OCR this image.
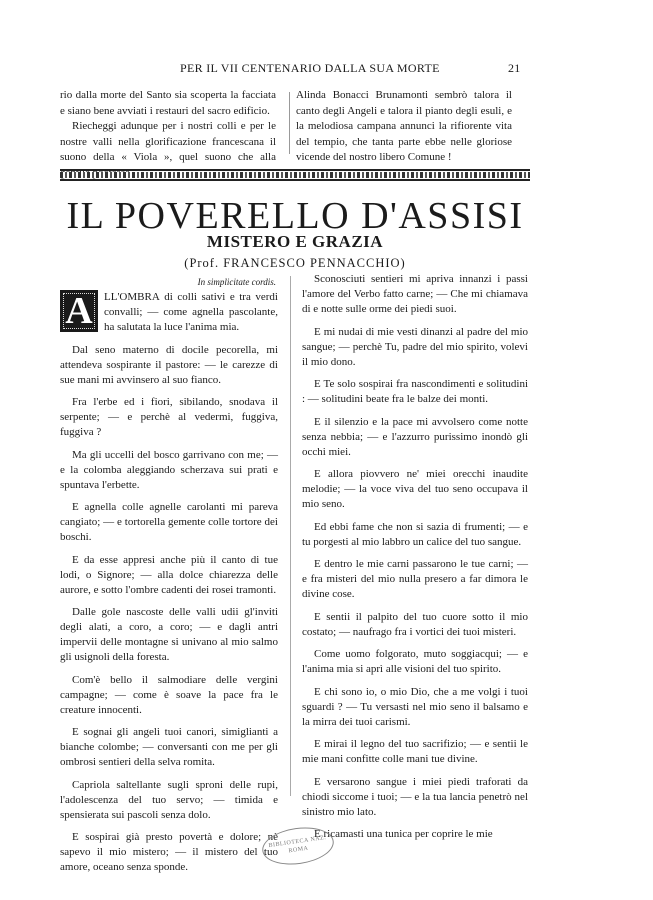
PER IL VII CENTENARIO DALLA SUA MORTE	21

rio dalla morte del Santo sia scoperta la facciata e siano bene avviati i restauri del sacro edificio.

Riecheggi adunque per i nostri colli e per le nostre valli nella glorificazione francescana il suono della « Viola », quel suono che alla

Alinda Bonacci Brunamonti sembrò talora il canto degli Angeli e talora il pianto degli esuli, e la melodiosa campana annunci la rifiorente vita del tempio, che tanta parte ebbe nelle gloriose vicende del nostro libero Comune !

IL POVERELLO D'ASSISI
MISTERO E GRAZIA
(Prof. FRANCESCO PENNACCHIO)
In simplicitate cordis.

A	LL'OMBRA di colli sativi e tra verdi convalli; — come agnella pascolante, ha salutata la luce l'anima mia.

Dal seno materno di docile pecorella, mi attendeva sospirante il pastore: — le carezze di sue mani mi avvinsero al suo fianco.

Fra l'erbe ed i fiori, sibilando, snodava il serpente; — e perchè al vedermi, fuggiva, fuggiva ?

Ma gli uccelli del bosco garrivano con me; — e la colomba aleggiando scherzava sui prati e spuntava l'erbette.

E agnella colle agnelle carolanti mi pareva cangiato; — e tortorella gemente colle tortore dei boschi.

E da esse appresi anche più il canto di tue lodi, o Signore; — alla dolce chiarezza delle aurore, e sotto l'ombre cadenti dei rosei tramonti.

Dalle gole nascoste delle valli udii gl'inviti degli alati, a coro, a coro; — e dagli antri impervii delle montagne si univano al mio salmo gli usignoli della foresta.

Com'è bello il salmodiare delle vergini campagne; — come è soave la pace fra le creature innocenti.

E sognai gli angeli tuoi canori, simiglianti a bianche colombe; — conversanti con me per gli ombrosi sentieri della selva romita.

Capriola saltellante sugli sproni delle rupi, l'adolescenza del tuo servo; — timida e spensierata sui pascoli senza dolo.

E sospirai già presto povertà e dolore; nè sapevo il mio mistero; — il mistero del tuo amore, oceano senza sponde.

Sconosciuti sentieri mi apriva innanzi i passi l'amore del Verbo fatto carne; — Che mi chiamava di e notte sulle orme dei piedi suoi.

E mi nudai di mie vesti dinanzi al padre del mio sangue; — perchè Tu, padre del mio spirito, volevi il mio dono.

E Te solo sospirai fra nascondimenti e solitudini : — solitudini beate fra le balze dei monti.

E il silenzio e la pace mi avvolsero come notte senza nebbia; — e l'azzurro purissimo inondò gli occhi miei.

E allora piovvero ne' miei orecchi inaudite melodie; — la voce viva del tuo seno occupava il mio seno.

Ed ebbi fame che non si sazia di frumenti; — e tu porgesti al mio labbro un calice del tuo sangue.

E dentro le mie carni passarono le tue carni; — e fra misteri del mio nulla presero a far dimora le divine cose.

E sentii il palpito del tuo cuore sotto il mio costato; — naufrago fra i vortici dei tuoi misteri.

Come uomo folgorato, muto soggiacqui; — e l'anima mia si aprì alle visioni del tuo spirito.

E chi sono io, o mio Dio, che a me volgi i tuoi sguardi ? — Tu versasti nel mio seno il balsamo e la mirra dei tuoi carismi.

E mirai il legno del tuo sacrifizio; — e sentii le mie mani confitte colle mani tue divine.

E versarono sangue i miei piedi traforati da chiodi siccome i tuoi; — e la tua lancia penetrò nel sinistro mio lato.

E ricamasti una tunica per coprire le mie

BIBLIOTECA NAZ. ROMA
